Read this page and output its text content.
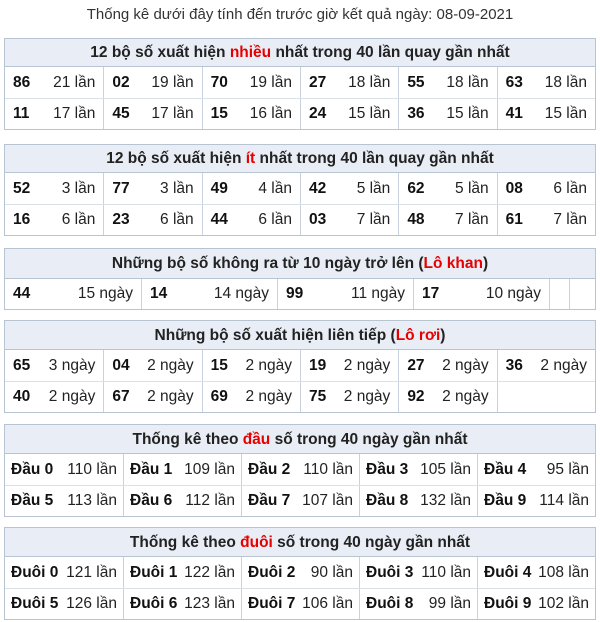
Thống kê dưới đây tính đến trước giờ kết quả ngày: 08-09-2021
12 bộ số xuất hiện nhiều nhất trong 40 lần quay gần nhất
86 21 lần 02 19 lần 70 19 lần 27 18 lần 55 18 lần 63 18 lần
11 17 lần 45 17 lần 15 16 lần 24 15 lần 36 15 lần 41 15 lần
12 bộ số xuất hiện ít nhất trong 40 lần quay gần nhất
52 3 lần 77 3 lần 49 4 lần 42 5 lần 62 5 lần 08 6 lần
16 6 lần 23 6 lần 44 6 lần 03 7 lần 48 7 lần 61 7 lần
Những bộ số không ra từ 10 ngày trở lên (Lô khan)
44	15 ngày 14	14 ngày 99	11 ngày 17	10 ngày
Những bộ số xuất hiện liên tiếp (Lô rơi)
65 3 ngày 04 2 ngày 15 2 ngày 19 2 ngày 27 2 ngày 36 2 ngày
40 2 ngày 67 2 ngày 69 2 ngày 75 2 ngày 92 2 ngày
Thống kê theo đầu số trong 40 ngày gần nhất
Đầu 0 110 lần Đầu 1 109 lần Đầu 2 110 lần Đầu 3 105 lần Đầu 4 95 lần
Đầu 5 113 lần Đầu 6 112 lần Đầu 7 107 lần Đầu 8 132 lần Đầu 9 114 lần
Thống kê theo đuôi số trong 40 ngày gần nhất
Đuôi 0 121 lần Đuôi 1 122 lần Đuôi 2 90 lần Đuôi 3 110 lần Đuôi 4 108 lần
Đuôi 5 126 lần Đuôi 6 123 lần Đuôi 7 106 lần Đuôi 8 99 lần Đuôi 9 102 lần
